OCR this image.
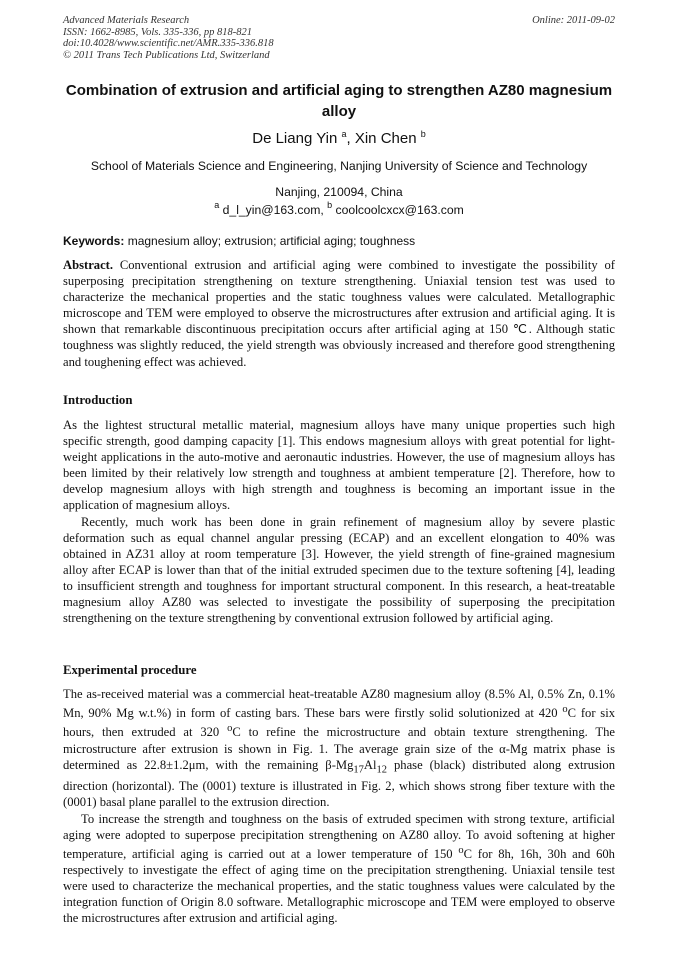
Advanced Materials Research
ISSN: 1662-8985, Vols. 335-336, pp 818-821
doi:10.4028/www.scientific.net/AMR.335-336.818
© 2011 Trans Tech Publications Ltd, Switzerland
Online: 2011-09-02
Combination of extrusion and artificial aging to strengthen AZ80 magnesium alloy
De Liang Yin $^a$, Xin Chen $^b$
School of Materials Science and Engineering, Nanjing University of Science and Technology
Nanjing, 210094, China
$^a$ d_l_yin@163.com, $^b$ coolcoolcxcx@163.com
Keywords: magnesium alloy; extrusion; artificial aging; toughness
Abstract. Conventional extrusion and artificial aging were combined to investigate the possibility of superposing precipitation strengthening on texture strengthening. Uniaxial tension test was used to characterize the mechanical properties and the static toughness values were calculated. Metallographic microscope and TEM were employed to observe the microstructures after extrusion and artificial aging. It is shown that remarkable discontinuous precipitation occurs after artificial aging at 150 ℃. Although static toughness was slightly reduced, the yield strength was obviously increased and therefore good strengthening and toughening effect was achieved.
Introduction

As the lightest structural metallic material, magnesium alloys have many unique properties such high specific strength, good damping capacity [1]. This endows magnesium alloys with great potential for light-weight applications in the auto-motive and aeronautic industries. However, the use of magnesium alloys has been limited by their relatively low strength and toughness at ambient temperature [2]. Therefore, how to develop magnesium alloys with high strength and toughness is becoming an important issue in the application of magnesium alloys.

Recently, much work has been done in grain refinement of magnesium alloy by severe plastic deformation such as equal channel angular pressing (ECAP) and an excellent elongation to 40% was obtained in AZ31 alloy at room temperature [3]. However, the yield strength of fine-grained magnesium alloy after ECAP is lower than that of the initial extruded specimen due to the texture softening [4], leading to insufficient strength and toughness for important structural component. In this research, a heat-treatable magnesium alloy AZ80 was selected to investigate the possibility of superposing the precipitation strengthening on the texture strengthening by conventional extrusion followed by artificial aging.

Experimental procedure

The as-received material was a commercial heat-treatable AZ80 magnesium alloy (8.5% Al, 0.5% Zn, 0.1% Mn, 90% Mg w.t.%) in form of casting bars. These bars were firstly solid solutionized at 420 $^o$C for six hours, then extruded at 320 $^o$C to refine the microstructure and obtain texture strengthening. The microstructure after extrusion is shown in Fig. 1. The average grain size of the α-Mg matrix phase is determined as 22.8±1.2μm, with the remaining $\beta-Mg_{17}Al_{12}$ phase (black) distributed along extrusion direction (horizontal). The (0001) texture is illustrated in Fig. 2, which shows strong fiber texture with the (0001) basal plane parallel to the extrusion direction.

To increase the strength and toughness on the basis of extruded specimen with strong texture, artificial aging were adopted to superpose precipitation strengthening on AZ80 alloy. To avoid softening at higher temperature, artificial aging is carried out at a lower temperature of 150 $^o$C for 8h, 16h, 30h and 60h respectively to investigate the effect of aging time on the precipitation strengthening. Uniaxial tensile test were used to characterize the mechanical properties, and the static toughness values were calculated by the integration function of Origin 8.0 software. Metallographic microscope and TEM were employed to observe the microstructures after extrusion and artificial aging.
